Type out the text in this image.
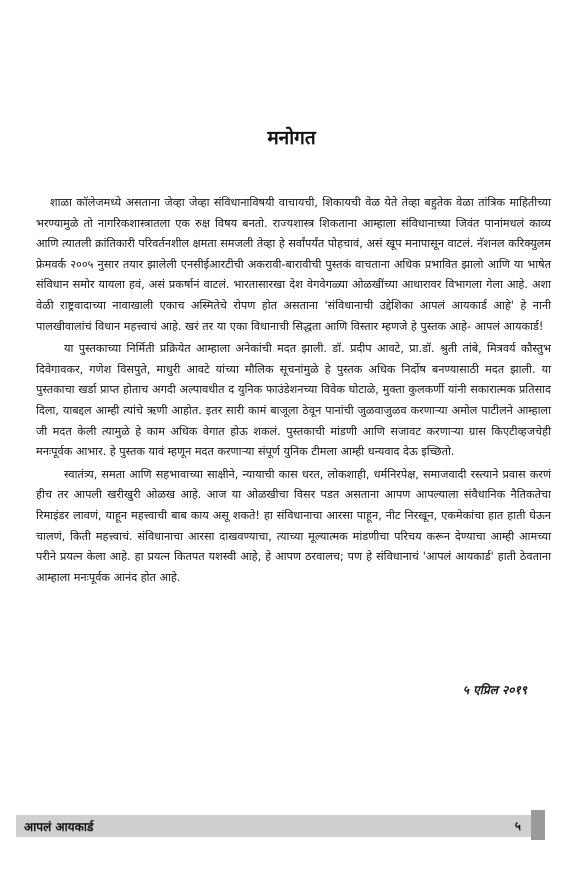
मनोगत

शाळा कॉलेजमध्ये असताना जेव्हा जेव्हा संविधानाविषयी वाचायची, शिकायची वेळ येते तेव्हा बहुतेक वेळा तांत्रिक माहितीच्या भरण्यामुळे तो नागरिकशास्त्रातला एक रुक्ष विषय बनतो. राज्यशास्त्र शिकताना आम्हाला संविधानाच्या जिवंत पानांमधलं काव्य आणि त्यातली क्रांतिकारी परिवर्तनशील क्षमता समजली तेव्हा हे सर्वांपर्यंत पोहचावं, असं खूप मनापासून वाटलं. नॅशनल करिक्युलम फ्रेमवर्क २००५ नुसार तयार झालेली एनसीईआरटीची अकरावी-बारावीची पुस्तकं वाचताना अधिक प्रभावित झालो आणि या भाषेत संविधान समोर यायला हवं, असं प्रकर्षानं वाटलं. भारतासारखा देश वेगवेगळ्या ओळखींच्या आधारावर विभागला गेला आहे. अशा वेळी राष्ट्रवादाच्या नावाखाली एकाच अस्मितेचे रोपण होत असताना 'संविधानाची उद्देशिका आपलं आयकार्ड आहे' हे नानी पालखीवालांचं विधान महत्त्वाचं आहे. खरं तर या एका विधानाची सिद्धता आणि विस्तार म्हणजे हे पुस्तक आहे- आपलं आयकार्ड!

या पुस्तकाच्या निर्मिती प्रक्रियेत आम्हाला अनेकांची मदत झाली. डॉ. प्रदीप आवटे, प्रा.डॉ. श्रुती तांबे, मित्रवर्य कौस्तुभ दिवेगावकर, गणेश विसपुते, माधुरी आवटे यांच्या मौलिक सूचनांमुळे हे पुस्तक अधिक निर्दोष बनण्यासाठी मदत झाली. या पुस्तकाचा खर्डा प्राप्त होताच अगदी अल्पावधीत द युनिक फाउंडेशनच्या विवेक घोटाळे, मुक्ता कुलकर्णी यांनी सकारात्मक प्रतिसाद दिला, याबद्दल आम्ही त्यांचे ऋणी आहोत. इतर सारी कामं बाजूला ठेवून पानांची जुळवाजुळव करणाऱ्या अमोल पाटीलने आम्हाला जी मदत केली त्यामुळे हे काम अधिक वेगात होऊ शकलं. पुस्तकाची मांडणी आणि सजावट करणाऱ्या ग्रास किएटीव्हजचेही मनःपूर्वक आभार. हे पुस्तक यावं म्हणून मदत करणाऱ्या संपूर्ण युनिक टीमला आम्ही धन्यवाद देऊ इच्छितो.

स्वातंत्र्य, समता आणि सहभावाच्या साक्षीने, न्यायाची कास धरत, लोकशाही, धर्मनिरपेक्ष, समाजवादी रस्त्याने प्रवास करणं हीच तर आपली खरीखुरी ओळख आहे. आज या ओळखीचा विसर पडत असताना आपण आपल्याला संवैधानिक नैतिकतेचा रिमाइंडर लावणं, याहून महत्त्वाची बाब काय असू शकते! हा संविधानाचा आरसा पाहून, नीट निरखून, एकमेकांचा हात हाती घेऊन चालणं, किती महत्त्वाचं. संविधानाचा आरसा दाखवण्याचा, त्याच्या मूल्यात्मक मांडणीचा परिचय करून देण्याचा आम्ही आमच्या परीने प्रयत्न केला आहे. हा प्रयत्न कितपत यशस्वी आहे, हे आपण ठरवालच; पण हे संविधानाचं 'आपलं आयकार्ड' हाती ठेवताना आम्हाला मनःपूर्वक आनंद होत आहे.

५ एप्रिल २०१९
आपलं आयकार्ड	५
